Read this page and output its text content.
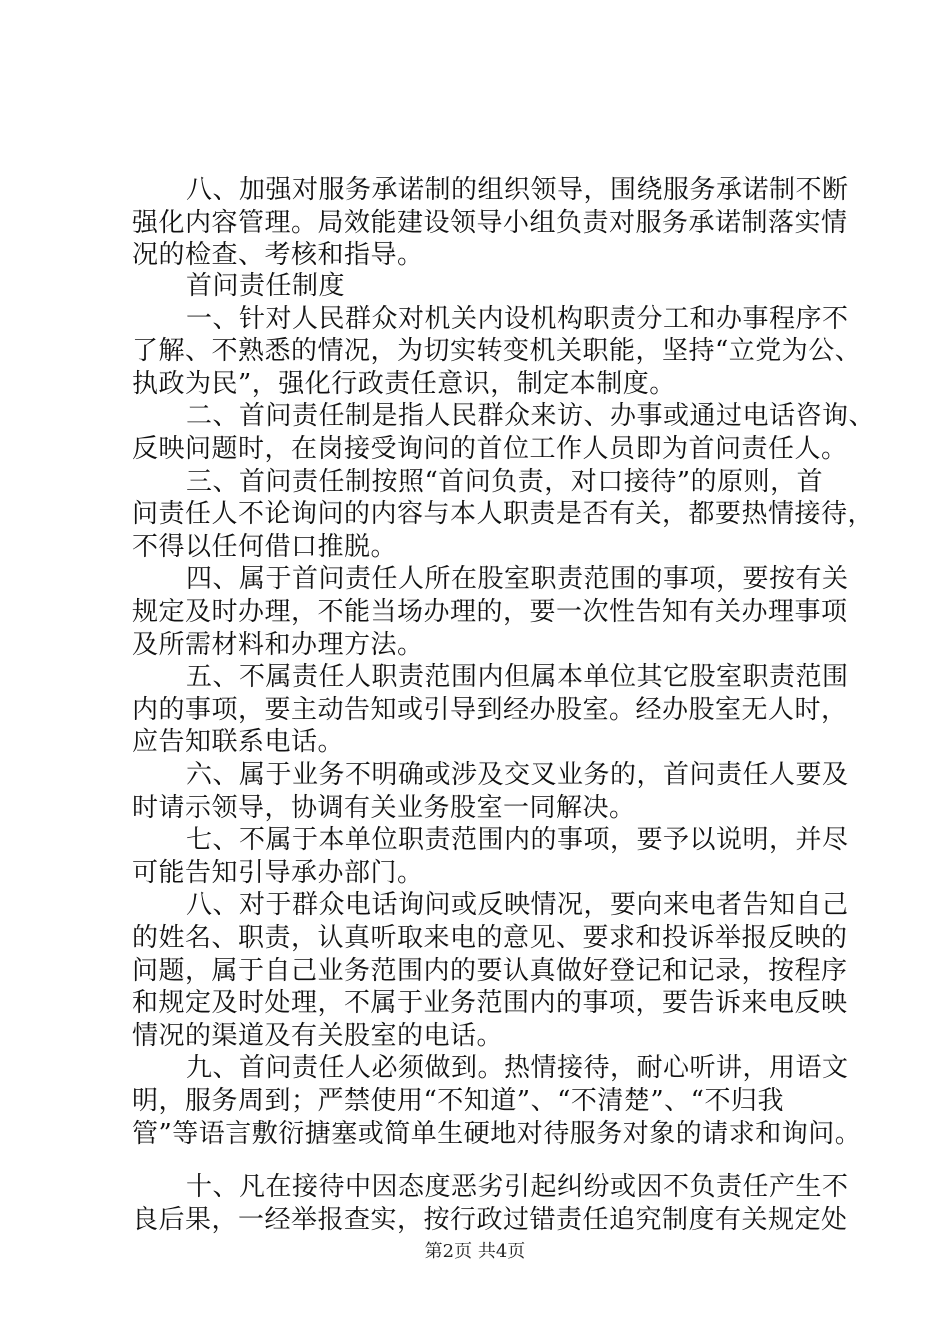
八、加强对服务承诺制的组织领导，围绕服务承诺制不断
强化内容管理。局效能建设领导小组负责对服务承诺制落实情
况的检查、考核和指导。
首问责任制度
一、针对人民群众对机关内设机构职责分工和办事程序不
了解、不熟悉的情况，为切实转变机关职能，坚持“立党为公、
执政为民”，强化行政责任意识，制定本制度。
二、首问责任制是指人民群众来访、办事或通过电话咨询、
反映问题时，在岗接受询问的首位工作人员即为首问责任人。
三、首问责任制按照“首问负责，对口接待”的原则，首
问责任人不论询问的内容与本人职责是否有关，都要热情接待，
不得以任何借口推脱。
四、属于首问责任人所在股室职责范围的事项，要按有关
规定及时办理，不能当场办理的，要一次性告知有关办理事项
及所需材料和办理方法。
五、不属责任人职责范围内但属本单位其它股室职责范围
内的事项，要主动告知或引导到经办股室。经办股室无人时，
应告知联系电话。
六、属于业务不明确或涉及交叉业务的，首问责任人要及
时请示领导，协调有关业务股室一同解决。
七、不属于本单位职责范围内的事项，要予以说明，并尽
可能告知引导承办部门。
八、对于群众电话询问或反映情况，要向来电者告知自己
的姓名、职责，认真听取来电的意见、要求和投诉举报反映的
问题，属于自己业务范围内的要认真做好登记和记录，按程序
和规定及时处理，不属于业务范围内的事项，要告诉来电反映
情况的渠道及有关股室的电话。
九、首问责任人必须做到。热情接待，耐心听讲，用语文
明，服务周到；严禁使用“不知道”、“不清楚”、“不归我
管”等语言敷衍搪塞或简单生硬地对待服务对象的请求和询问。
十、凡在接待中因态度恶劣引起纠纷或因不负责任产生不
良后果，一经举报查实，按行政过错责任追究制度有关规定处
第2页 共4页
